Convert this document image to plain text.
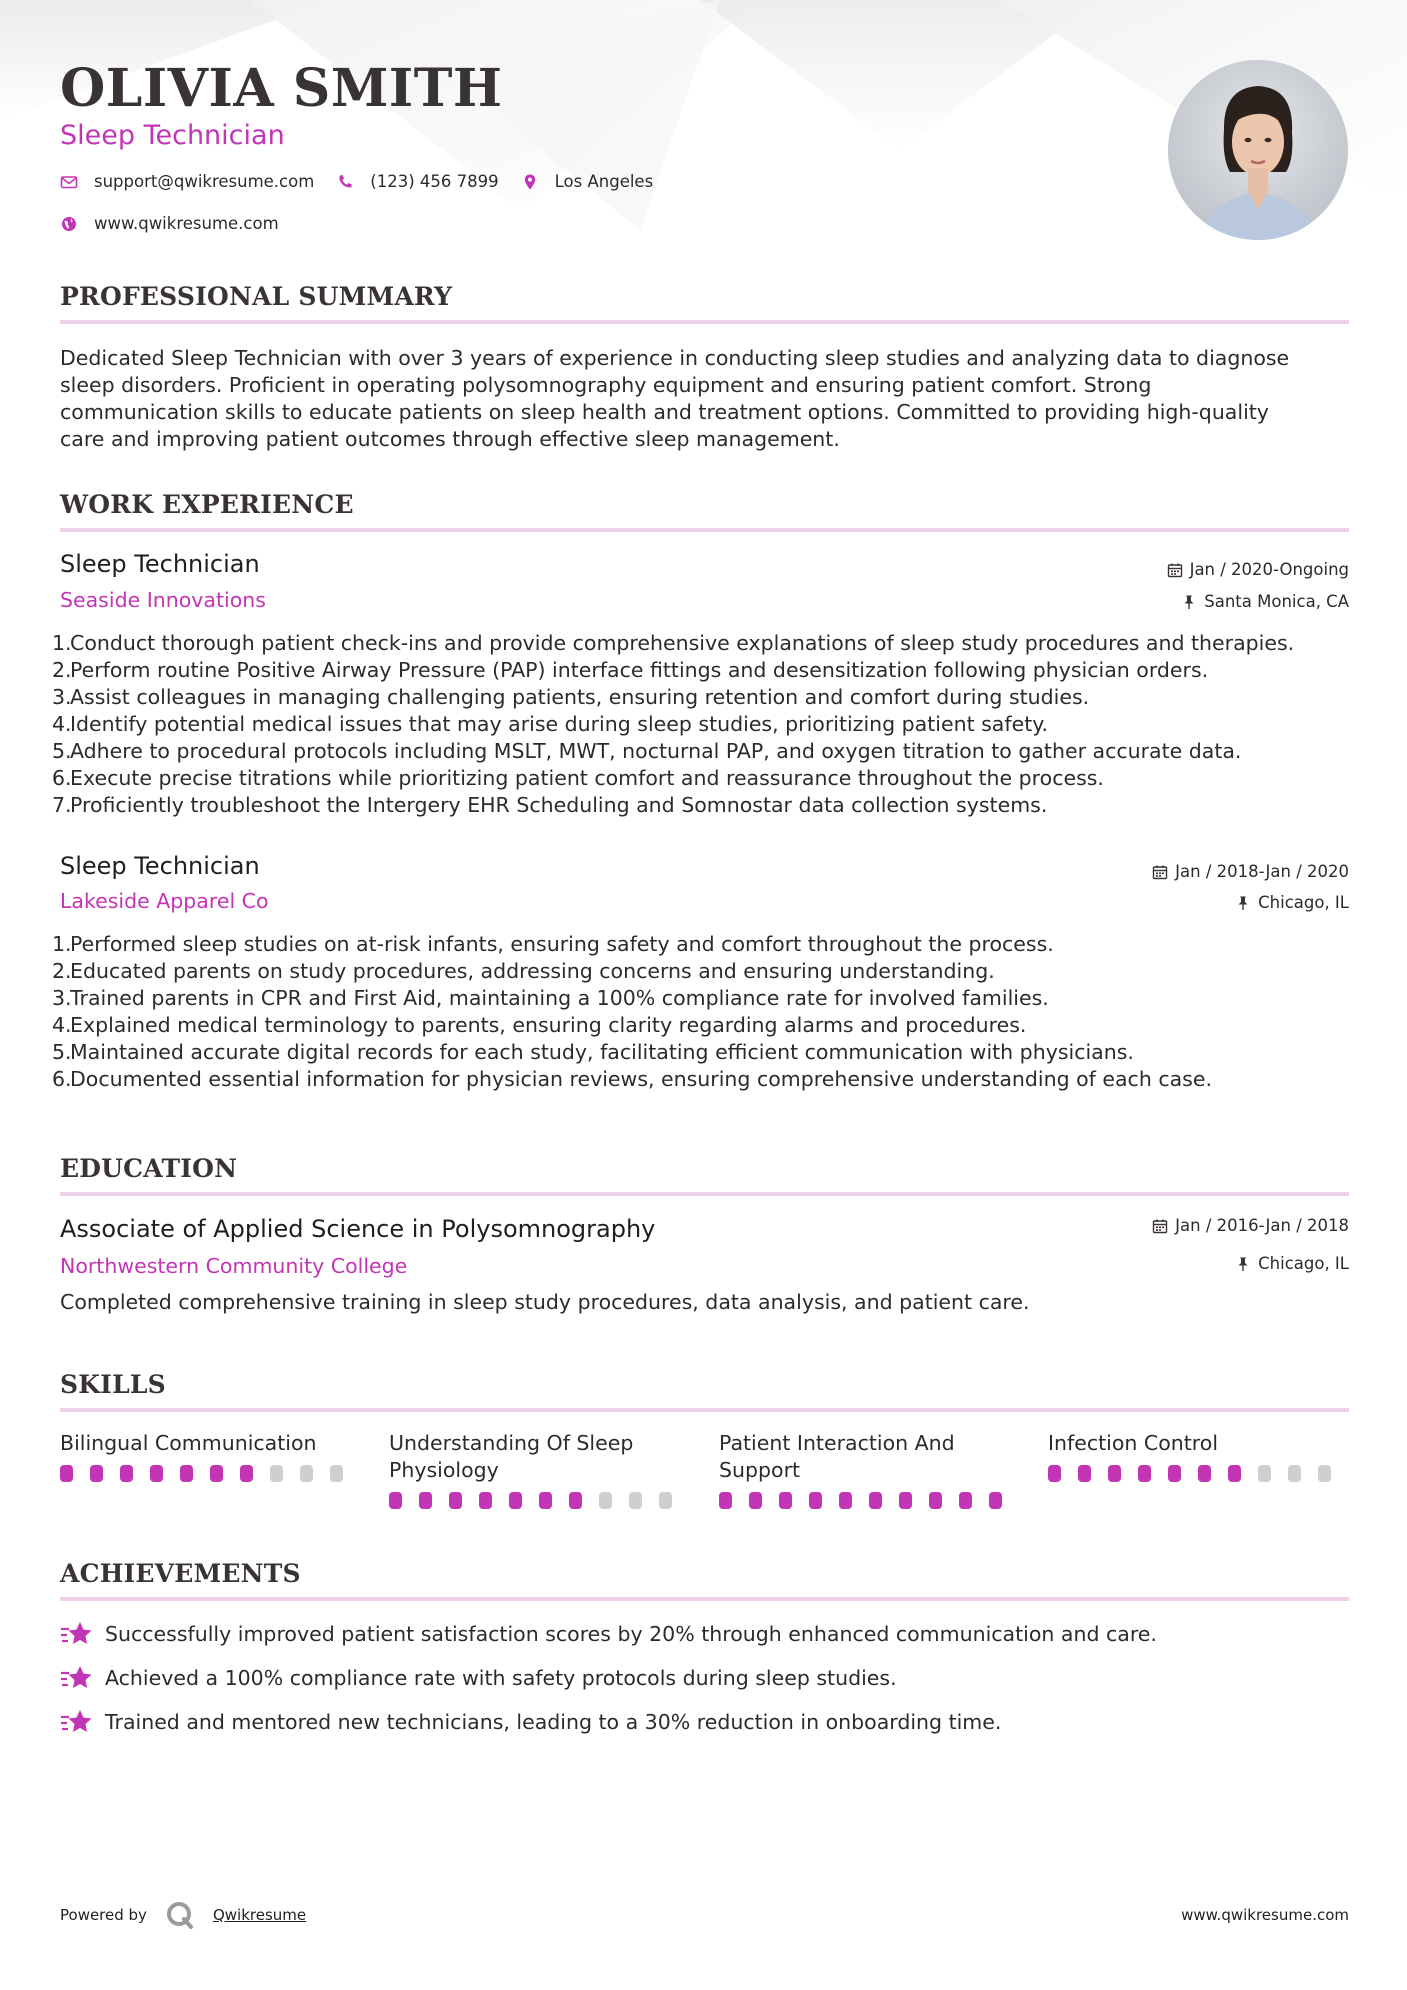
OLIVIA SMITH
Sleep Technician
support@qwikresume.com	(123) 456 7899	Los Angeles
www.qwikresume.com
PROFESSIONAL SUMMARY
Dedicated Sleep Technician with over 3 years of experience in conducting sleep studies and analyzing data to diagnose
sleep disorders. Proficient in operating polysomnography equipment and ensuring patient comfort. Strong
communication skills to educate patients on sleep health and treatment options. Committed to providing high-quality
care and improving patient outcomes through effective sleep management.
WORK EXPERIENCE
Sleep Technician
Seaside Innovations
Jan / 2020-Ongoing
Santa Monica, CA
1.
Conduct thorough patient check-ins and provide comprehensive explanations of sleep study procedures and therapies.
2.
Perform routine Positive Airway Pressure (PAP) interface fittings and desensitization following physician orders.
3.
Assist colleagues in managing challenging patients, ensuring retention and comfort during studies.
4.
Identify potential medical issues that may arise during sleep studies, prioritizing patient safety.
5.
Adhere to procedural protocols including MSLT, MWT, nocturnal PAP, and oxygen titration to gather accurate data.
6.
Execute precise titrations while prioritizing patient comfort and reassurance throughout the process.
7.
Proficiently troubleshoot the Intergery EHR Scheduling and Somnostar data collection systems.
Sleep Technician
Lakeside Apparel Co
Jan / 2018-Jan / 2020
Chicago, IL
1.
Performed sleep studies on at-risk infants, ensuring safety and comfort throughout the process.
2.
Educated parents on study procedures, addressing concerns and ensuring understanding.
3.
Trained parents in CPR and First Aid, maintaining a 100% compliance rate for involved families.
4.
Explained medical terminology to parents, ensuring clarity regarding alarms and procedures.
5.
Maintained accurate digital records for each study, facilitating efficient communication with physicians.
6.
Documented essential information for physician reviews, ensuring comprehensive understanding of each case.
EDUCATION
Associate of Applied Science in Polysomnography
Northwestern Community College
Jan / 2016-Jan / 2018
Chicago, IL
Completed comprehensive training in sleep study procedures, data analysis, and patient care.
SKILLS
Bilingual Communication	Understanding Of Sleep
Physiology
Patient Interaction And
Support
Infection Control
ACHIEVEMENTS
Successfully improved patient satisfaction scores by 20% through enhanced communication and care.
Achieved a 100% compliance rate with safety protocols during sleep studies.
Trained and mentored new technicians, leading to a 30% reduction in onboarding time.
Powered by	Qwikresume	www.qwikresume.com
